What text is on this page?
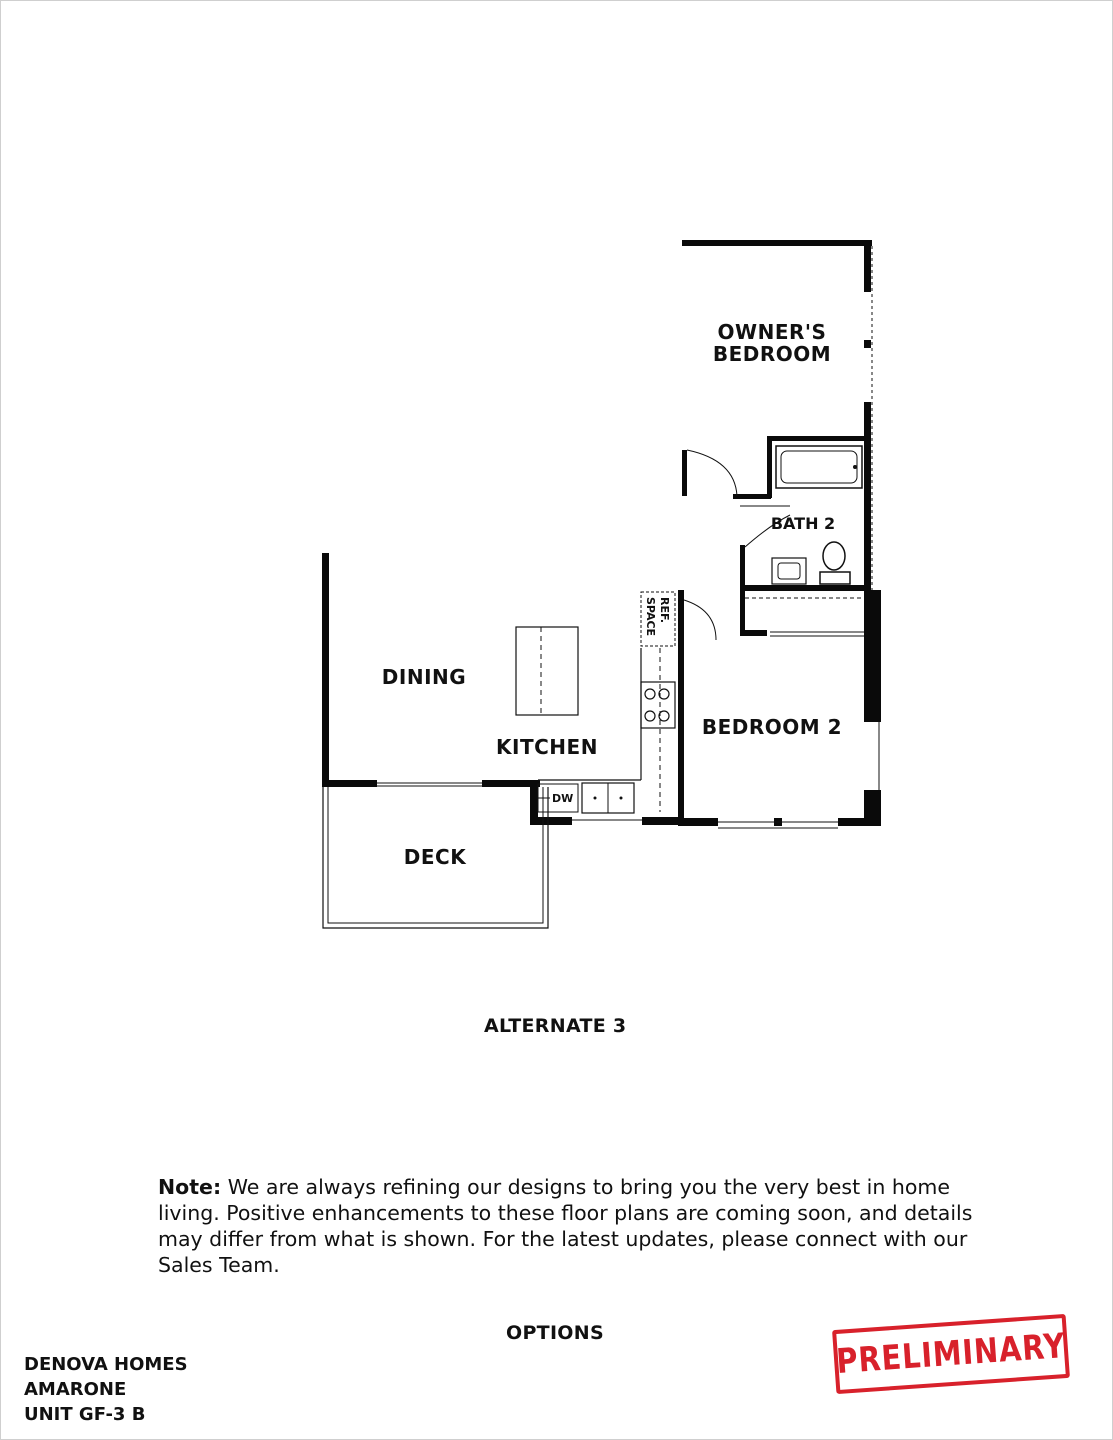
OWNER'S
BEDROOM
BATH 2
DINING
KITCHEN
BEDROOM 2
DECK
REF.
SPACE
DW
ALTERNATE 3
Note: We are always refining our designs to bring you the very best in home living. Positive enhancements to these floor plans are coming soon, and details may differ from what is shown. For the latest updates, please connect with our Sales Team.
OPTIONS
DENOVA HOMES
AMARONE
UNIT GF-3 B
PRELIMINARY
